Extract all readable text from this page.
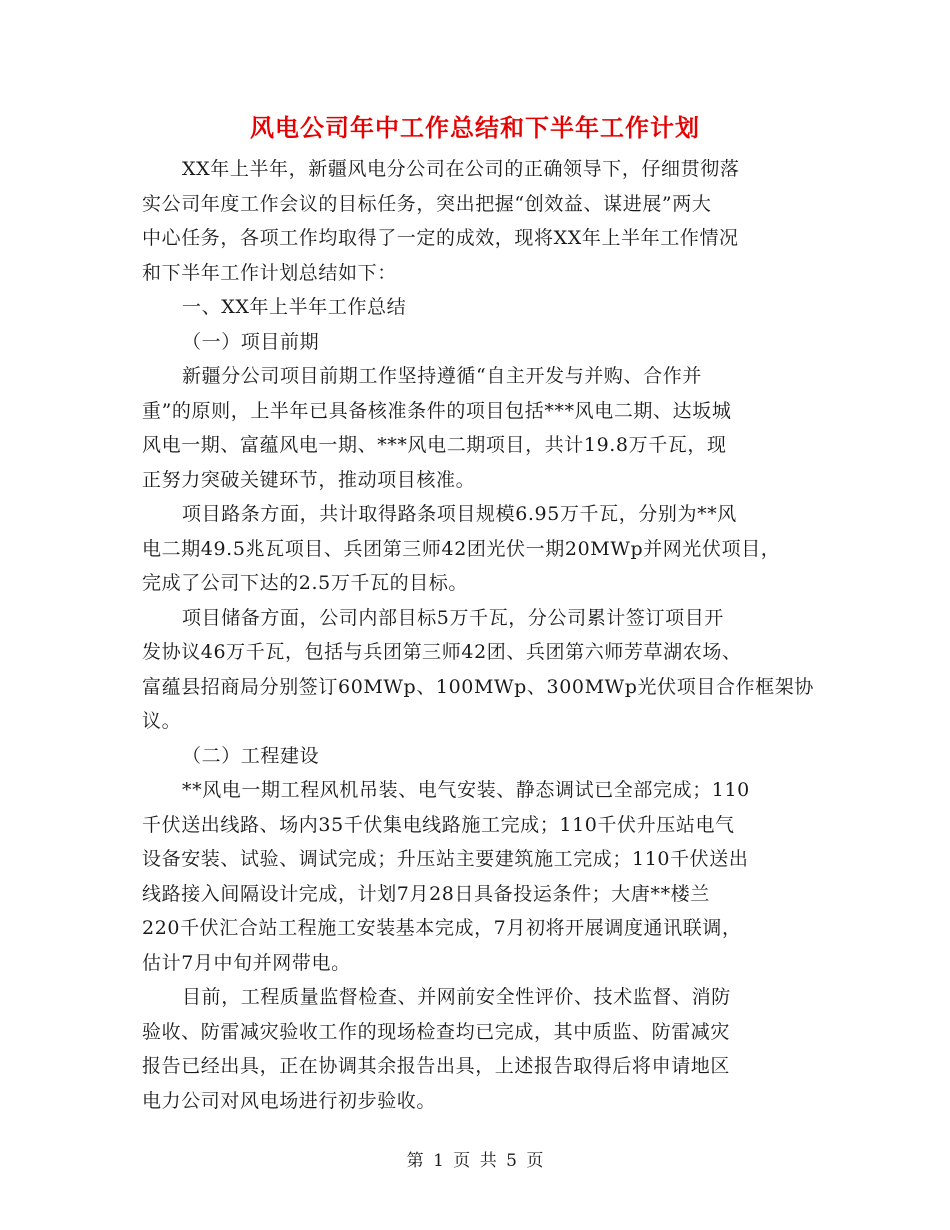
风电公司年中工作总结和下半年工作计划
XX年上半年，新疆风电分公司在公司的正确领导下，仔细贯彻落
实公司年度工作会议的目标任务，突出把握“创效益、谋进展”两大
中心任务，各项工作均取得了一定的成效，现将XX年上半年工作情况
和下半年工作计划总结如下：
一、XX年上半年工作总结
（一）项目前期
新疆分公司项目前期工作坚持遵循“自主开发与并购、合作并
重”的原则，上半年已具备核准条件的项目包括***风电二期、达坂城
风电一期、富蕴风电一期、***风电二期项目，共计19.8万千瓦，现
正努力突破关键环节，推动项目核准。
项目路条方面，共计取得路条项目规模6.95万千瓦，分别为**风
电二期49.5兆瓦项目、兵团第三师42团光伏一期20MWp并网光伏项目，
完成了公司下达的2.5万千瓦的目标。
项目储备方面，公司内部目标5万千瓦，分公司累计签订项目开
发协议46万千瓦，包括与兵团第三师42团、兵团第六师芳草湖农场、
富蕴县招商局分别签订60MWp、100MWp、300MWp光伏项目合作框架协
议。
（二）工程建设
**风电一期工程风机吊装、电气安装、静态调试已全部完成；110
千伏送出线路、场内35千伏集电线路施工完成；110千伏升压站电气
设备安装、试验、调试完成；升压站主要建筑施工完成；110千伏送出
线路接入间隔设计完成，计划7月28日具备投运条件；大唐**楼兰
220千伏汇合站工程施工安装基本完成，7月初将开展调度通讯联调，
估计7月中旬并网带电。
目前，工程质量监督检查、并网前安全性评价、技术监督、消防
验收、防雷减灾验收工作的现场检查均已完成，其中质监、防雷减灾
报告已经出具，正在协调其余报告出具，上述报告取得后将申请地区
电力公司对风电场进行初步验收。
第 1 页 共 5 页
